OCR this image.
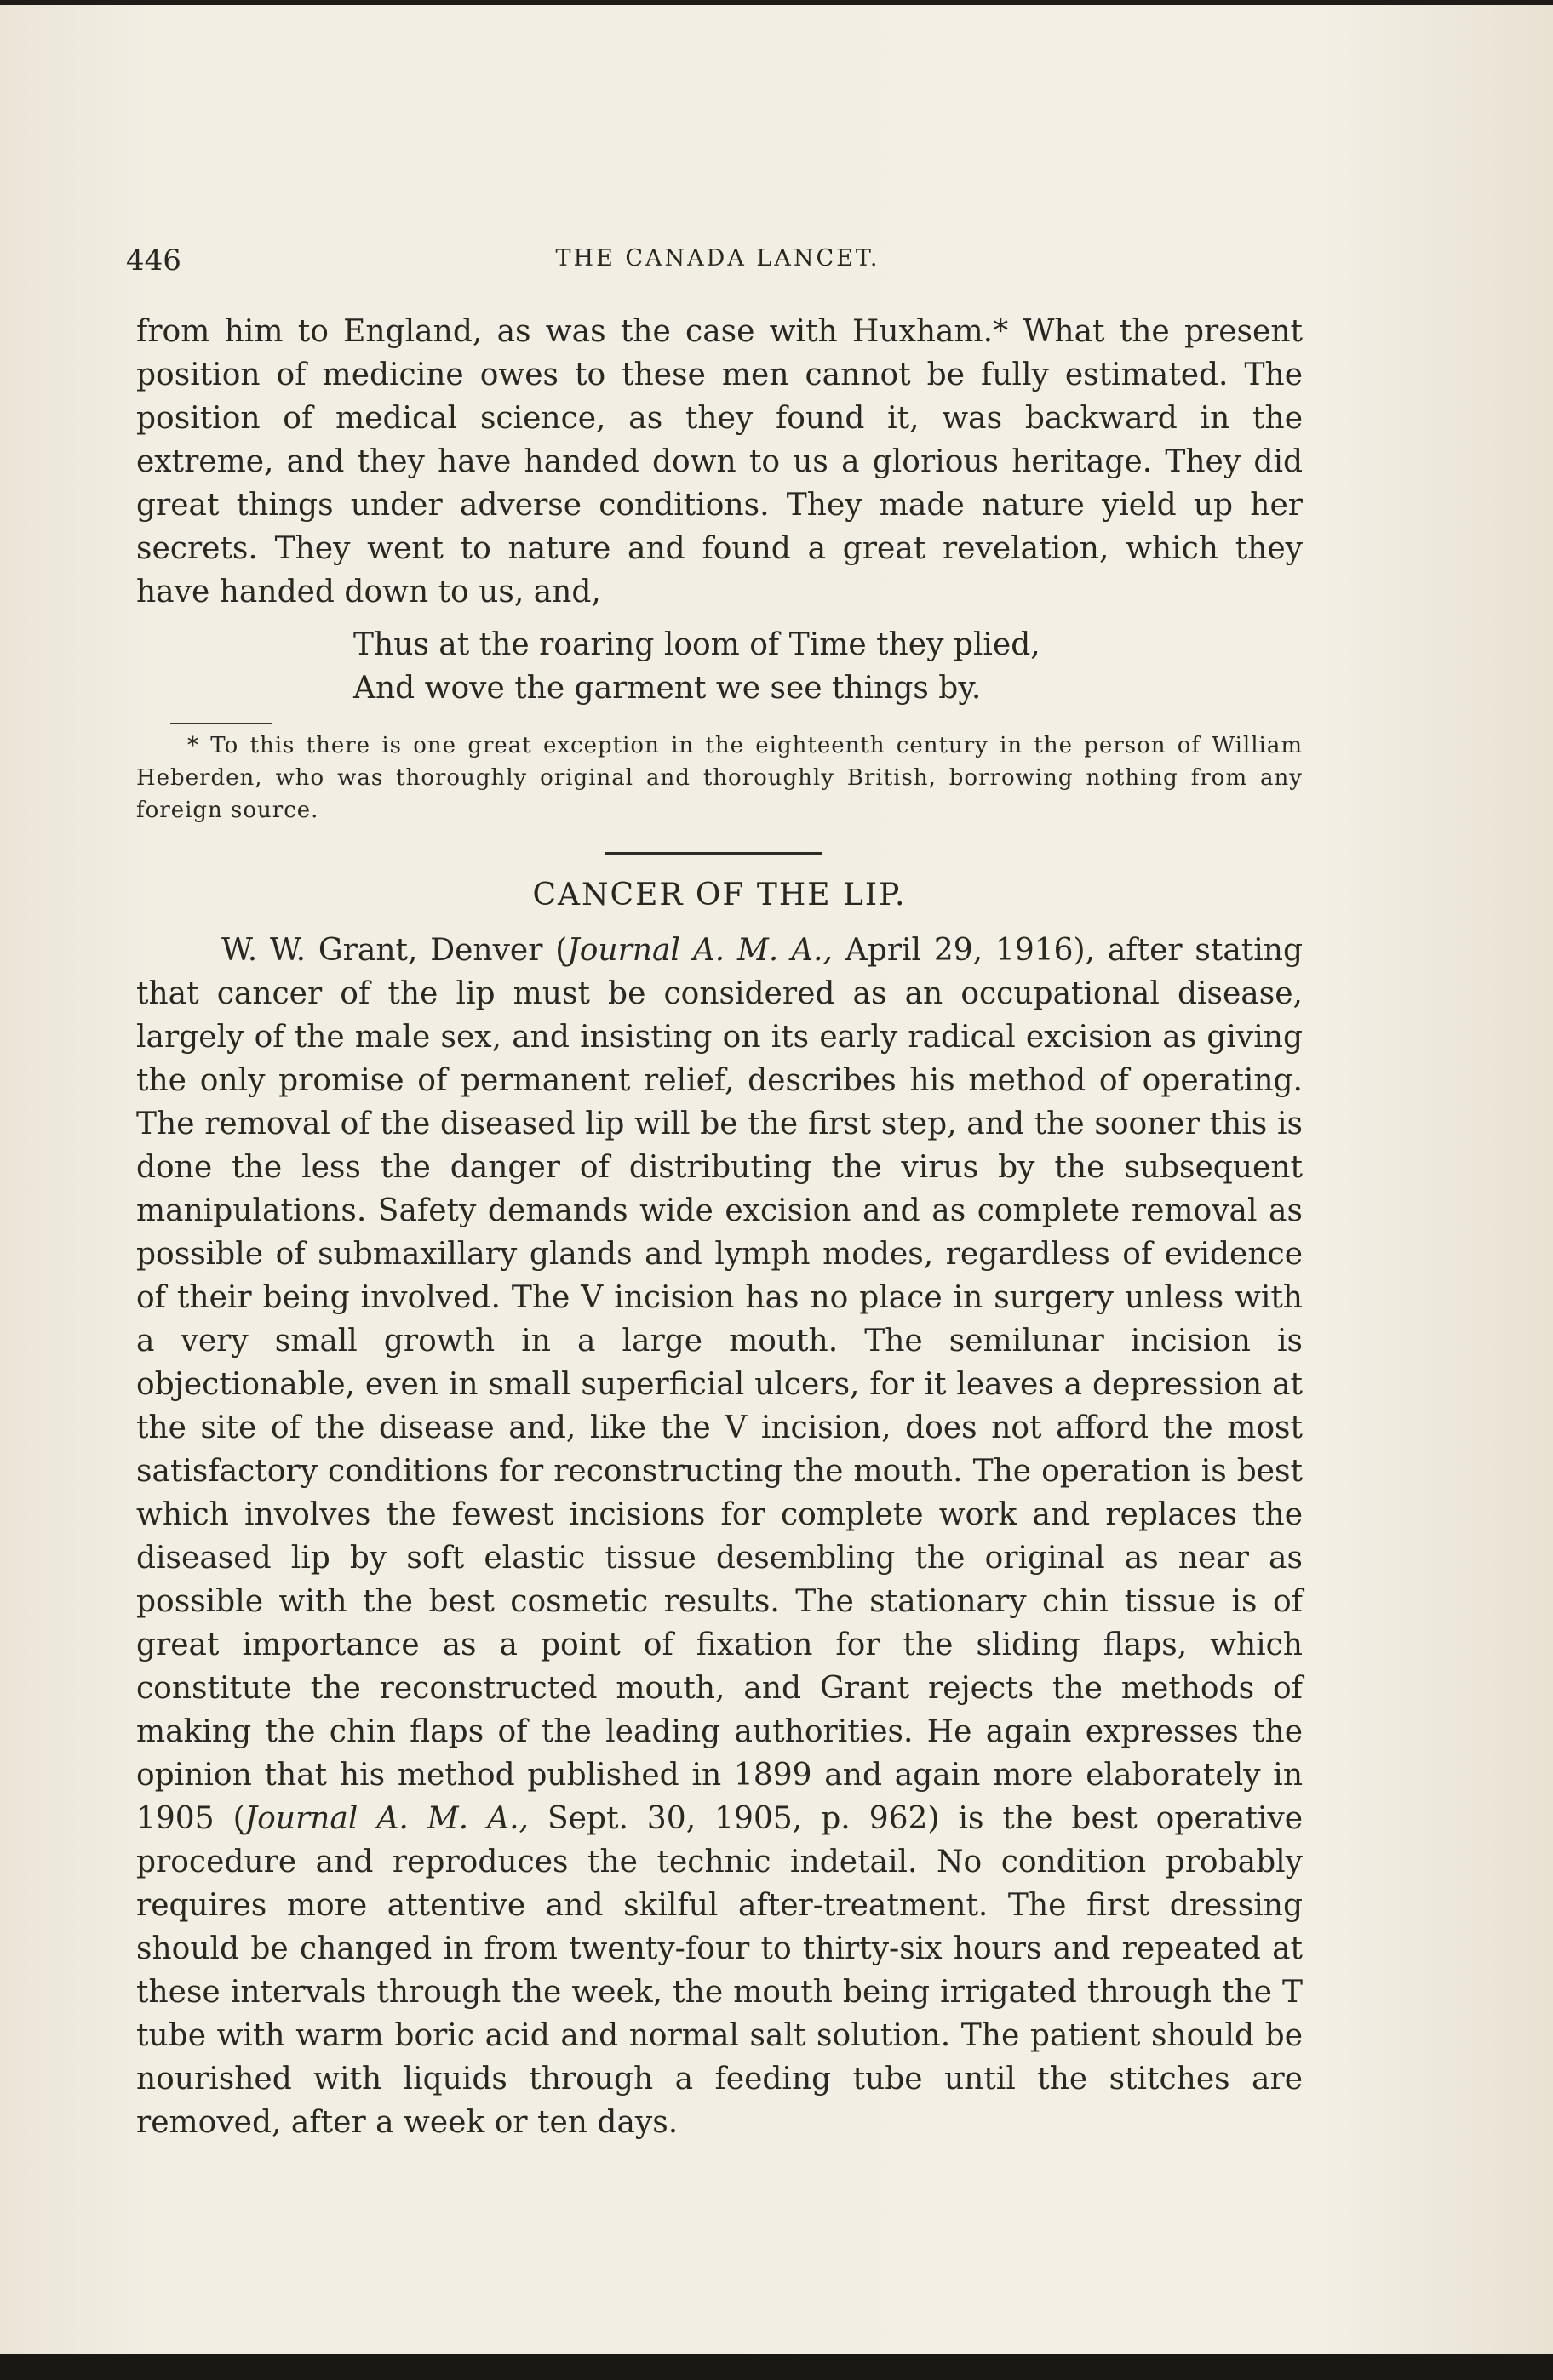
446	THE CANADA LANCET.

from him to England, as was the case with Huxham.* What the present position of medicine owes to these men cannot be fully estimated. The position of medical science, as they found it, was backward in the extreme, and they have handed down to us a glorious heritage. They did great things under adverse conditions. They made nature yield up her secrets. They went to nature and found a great revelation, which they have handed down to us, and,

Thus at the roaring loom of Time they plied,
And wove the garment we see things by.

* To this there is one great exception in the eighteenth century in the person of William Heberden, who was thoroughly original and thoroughly British, borrowing nothing from any foreign source.

CANCER OF THE LIP.

W. W. Grant, Denver (Journal A. M. A., April 29, 1916), after stating that cancer of the lip must be considered as an occupational disease, largely of the male sex, and insisting on its early radical excision as giving the only promise of permanent relief, describes his method of operating. The removal of the diseased lip will be the first step, and the sooner this is done the less the danger of distributing the virus by the subsequent manipulations. Safety demands wide excision and as complete removal as possible of submaxillary glands and lymph modes, regardless of evidence of their being involved. The V incision has no place in surgery unless with a very small growth in a large mouth. The semilunar incision is objectionable, even in small superficial ulcers, for it leaves a depression at the site of the disease and, like the V incision, does not afford the most satisfactory conditions for reconstructing the mouth. The operation is best which involves the fewest incisions for complete work and replaces the diseased lip by soft elastic tissue desembling the original as near as possible with the best cosmetic results. The stationary chin tissue is of great importance as a point of fixation for the sliding flaps, which constitute the reconstructed mouth, and Grant rejects the methods of making the chin flaps of the leading authorities. He again expresses the opinion that his method published in 1899 and again more elaborately in 1905 (Journal A. M. A., Sept. 30, 1905, p. 962) is the best operative procedure and reproduces the technic indetail. No condition probably requires more attentive and skilful after-treatment. The first dressing should be changed in from twenty-four to thirty-six hours and repeated at these intervals through the week, the mouth being irrigated through the T tube with warm boric acid and normal salt solution. The patient should be nourished with liquids through a feeding tube until the stitches are removed, after a week or ten days.
